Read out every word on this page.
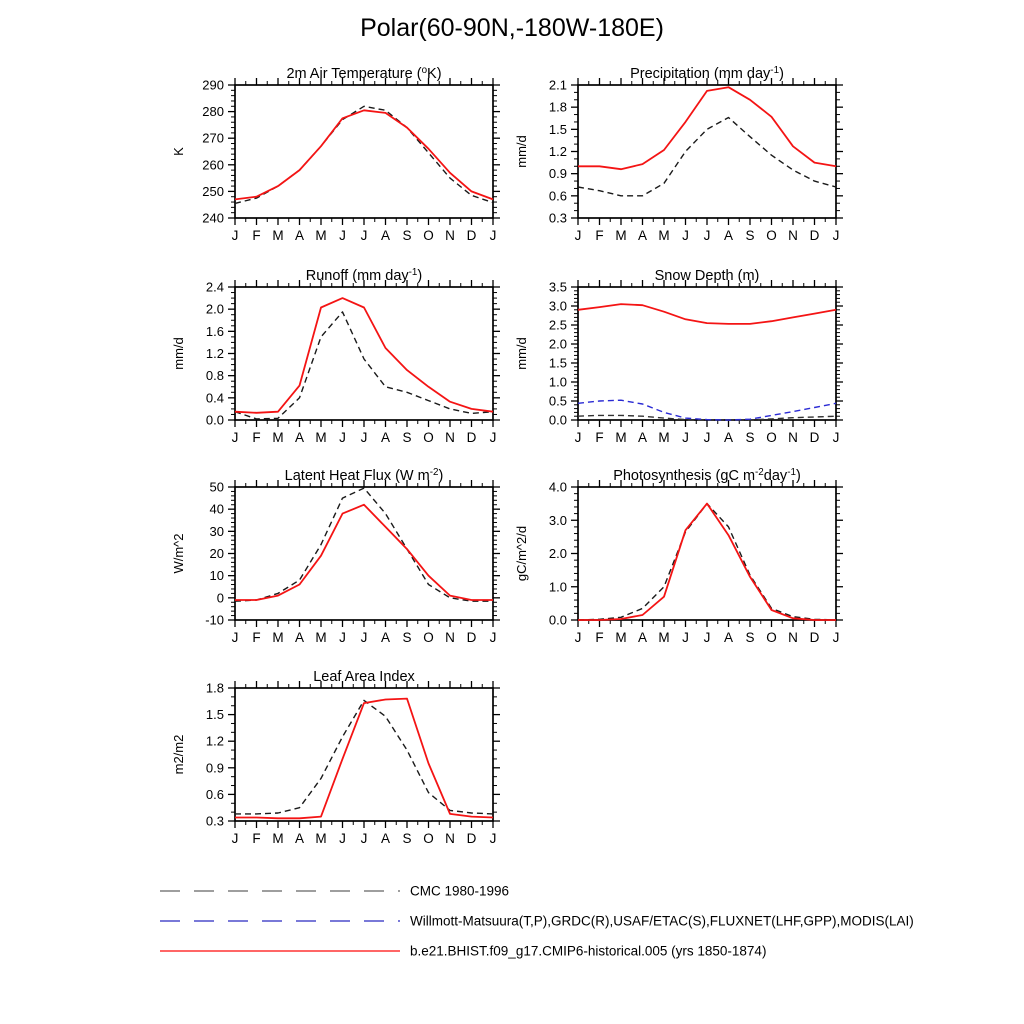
Polar(60-90N,-180W-180E)
240
250
260
270
280
290
J F M A M J J A S O N D J
2m Air Temperature ($^o$K)
K
0.3
0.6
0.9
1.2
1.5
1.8
2.1
J F M A M J J A S O N D J
Precipitation (mm day$^{-1}$)
mm/d
0.0
0.4
0.8
1.2
1.6
2.0
2.4
J F M A M J J A S O N D J
Runoff (mm day$^{-1}$)
mm/d
0.0
0.5
1.0
1.5
2.0
2.5
3.0
3.5
J F M A M J J A S O N D J
Snow Depth (m)
mm/d
-10
0
10
20
30
40
50
J F M A M J J A S O N D J
Latent Heat Flux (W $m^{-2}$)
W/m^2
0.0
1.0
2.0
3.0
4.0
J F M A M J J A S O N D J
Photosynthesis (gC $m^{-2}day^{-1}$)
gC/m^2/d
0.3
0.6
0.9
1.2
1.5
1.8
J F M A M J J A S O N D J
Leaf Area Index
m2/m2
CMC 1980-1996
Willmott-Matsuura(T,P),GRDC(R),USAF/ETAC(S),FLUXNET(LHF,GPP),MODIS(LAI)
b.e21.BHIST.f09_g17.CMIP6-historical.005 (yrs 1850-1874)
